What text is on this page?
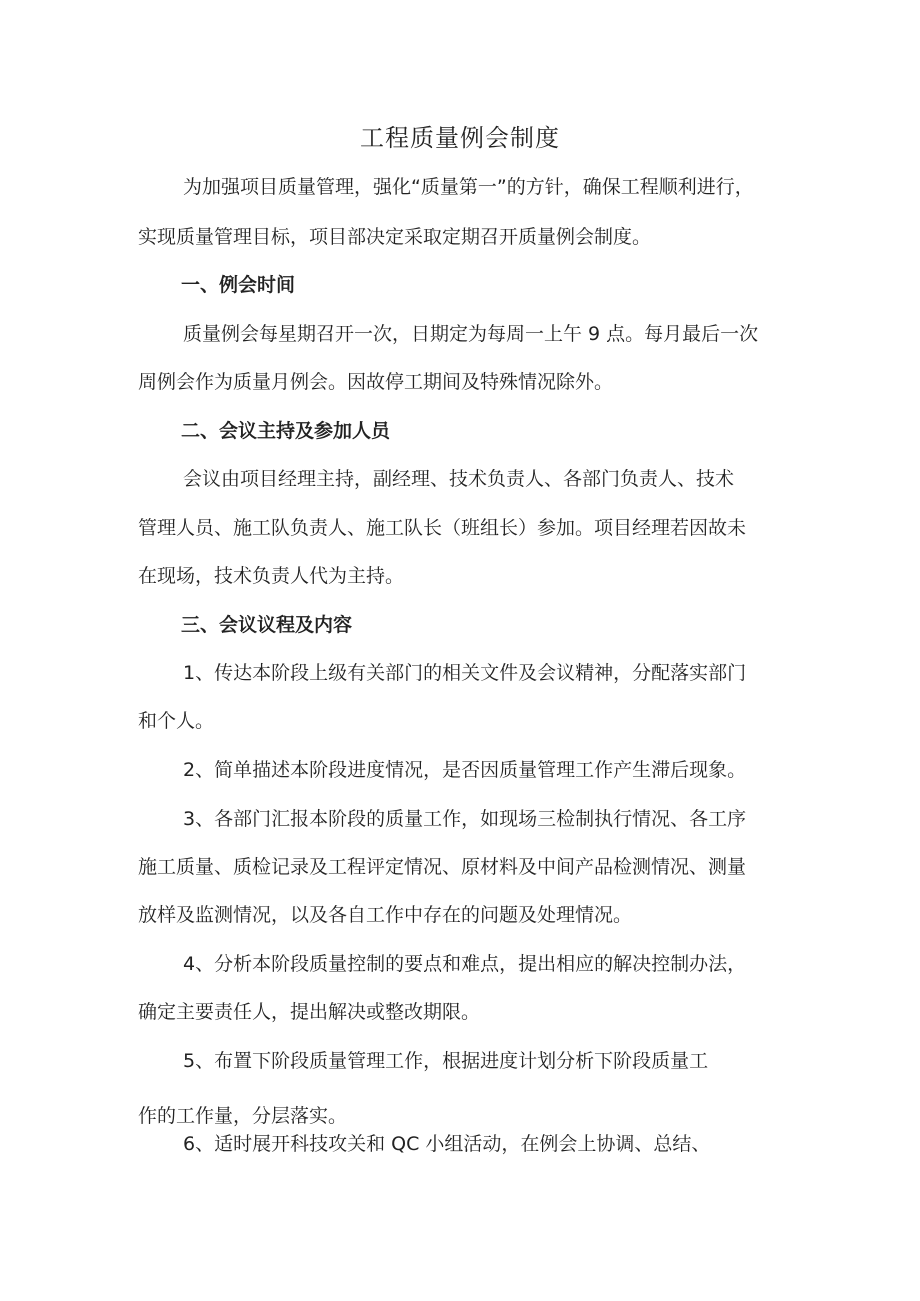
工程质量例会制度
为加强项目质量管理，强化“质量第一”的方针，确保工程顺利进行，
实现质量管理目标，项目部决定采取定期召开质量例会制度。
一、例会时间
质量例会每星期召开一次，日期定为每周一上午 9 点。每月最后一次
周例会作为质量月例会。因故停工期间及特殊情况除外。
二、会议主持及参加人员
会议由项目经理主持，副经理、技术负责人、各部门负责人、技术
管理人员、施工队负责人、施工队长（班组长）参加。项目经理若因故未
在现场，技术负责人代为主持。
三、会议议程及内容
1、传达本阶段上级有关部门的相关文件及会议精神，分配落实部门
和个人。
2、简单描述本阶段进度情况，是否因质量管理工作产生滞后现象。
3、各部门汇报本阶段的质量工作，如现场三检制执行情况、各工序
施工质量、质检记录及工程评定情况、原材料及中间产品检测情况、测量
放样及监测情况，以及各自工作中存在的问题及处理情况。
4、分析本阶段质量控制的要点和难点，提出相应的解决控制办法，
确定主要责任人，提出解决或整改期限。
5、布置下阶段质量管理工作，根据进度计划分析下阶段质量工
作的工作量，分层落实。
6、适时展开科技攻关和 QC 小组活动，在例会上协调、总结、
